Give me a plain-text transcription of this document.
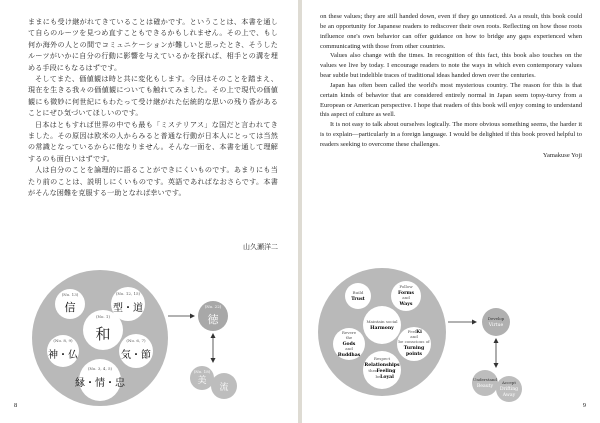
ままにも受け継がれてきていることは確かです。ということは、本書を通して自らのルーツを見つめ直すこともできるかもしれません。その上で、もし何か海外の人との間でコミュニケーションが難しいと思ったとき、そうしたルーツがいかに自分の行動に影響を与えているかを探れば、相手との溝を埋める手段にもなるはずです。

そしてまた、価値観は時と共に変化もします。今回はそのことを踏まえ、現在を生きる我々の価値観についても触れてみました。その上で現代の価値観にも微妙に何世紀にもわたって受け継がれた伝統的な思いの残り香があることにぜひ気づいてほしいのです。

日本はともすれば世界の中でも最も「ミステリアス」な国だと言われてきました。その原因は欧米の人からみると普通な行動が日本人にとっては当然の常識となっているからに他なりません。そんな一面を、本書を通して理解するのも面白いはずです。

人は自分のことを論理的に語ることができにくいものです。あまりにも当たり前のことは、説明しにくいものです。英語であればなおさらです。本書がそんな困難を克服する一助となれば幸いです。

山久瀬洋二
(No. 1)
和
(No. 13)
信
(No. 12, 15)
型・道
(No. 6, 7)
気・節
(No. 3, 4, 5)
縁・情・忠
(No. 8, 9)
神・仏
(No. 22)
徳
(No. 18)
美
流
8

on these values; they are still handed down, even if they go unnoticed. As a result, this book could be an opportunity for Japanese readers to rediscover their own roots. Reflecting on how those roots influence one's own behavior can offer guidance on how to bridge any gaps experienced when communicating with those from other countries.

Values also change with the times. In recognition of this fact, this book also touches on the values we live by today. I encourage readers to note the ways in which even contemporary values bear subtle but indelible traces of traditional ideas handed down over the centuries.

Japan has often been called the world's most mysterious country. The reason for this is that certain kinds of behavior that are considered entirely normal in Japan seem topsy-turvy from a European or American perspective. I hope that readers of this book will enjoy coming to understand this aspect of culture as well.

It is not easy to talk about ourselves logically. The more obvious something seems, the harder it is to explain—particularly in a foreign language. I would be delighted if this book proved helpful to readers seeking to overcome these challenges.

Yamakuse Yoji
Maintain social
Harmony
Build
Trust
Follow
Forms
and
Ways
Feel Ki
and
be conscious of
Turning
points
Respect
Relationships
then
Feeling
be Loyal
Revere
the
Gods
and
Buddhas
Develop
Virtue
Understand
Beauty
Accept
Drifting
Away
9
